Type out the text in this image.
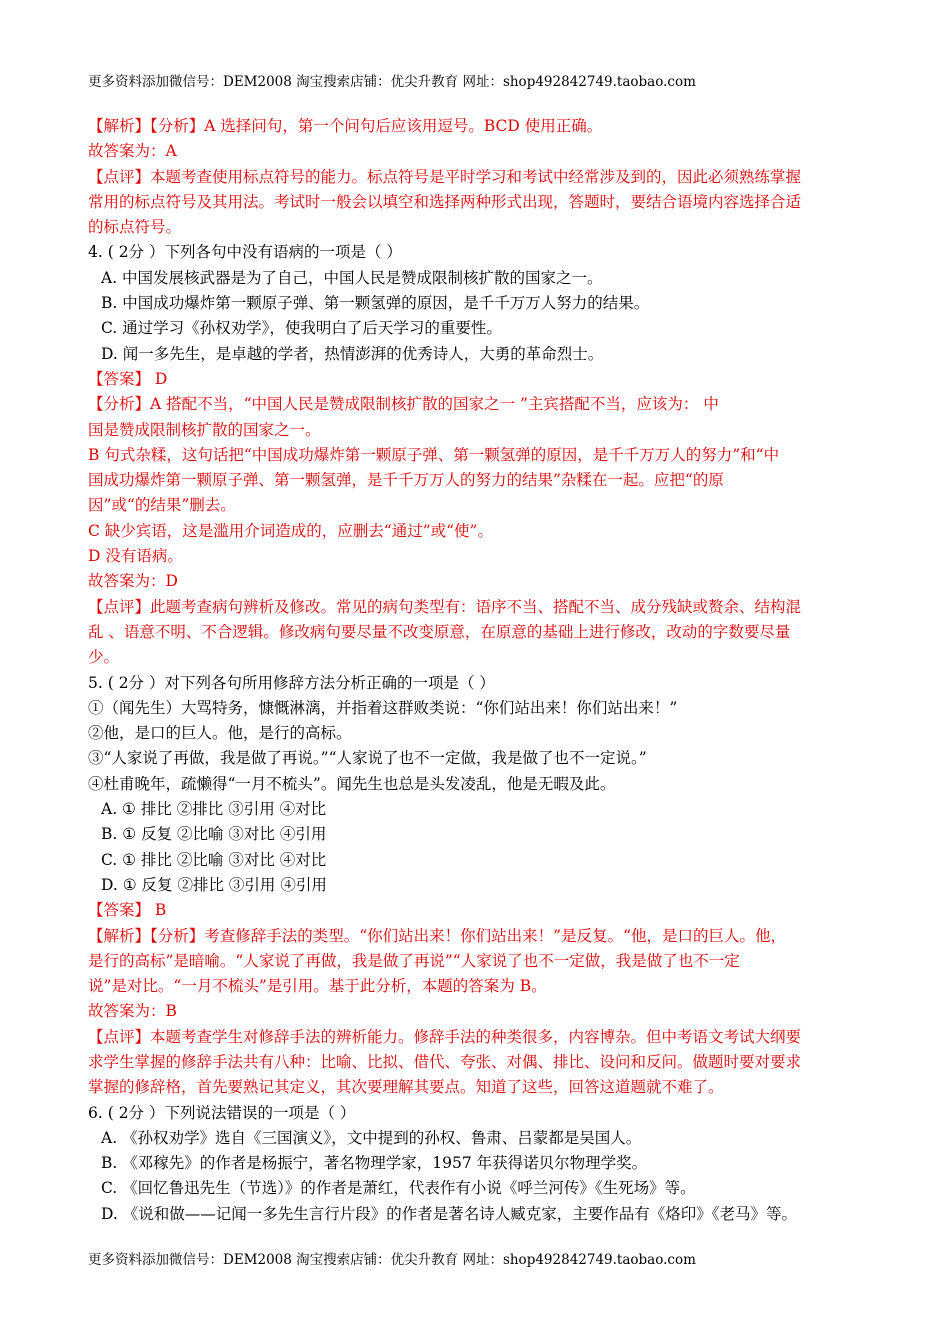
更多资料添加微信号：DEM2008 淘宝搜索店铺：优尖升教育 网址：shop492842749.taobao.com
【解析】【分析】A 选择问句，第一个问句后应该用逗号。BCD 使用正确。
故答案为：A
【点评】本题考查使用标点符号的能力。标点符号是平时学习和考试中经常涉及到的，因此必须熟练掌握
常用的标点符号及其用法。考试时一般会以填空和选择两种形式出现，答题时，要结合语境内容选择合适
的标点符号。
4. ( 2分 ）下列各句中没有语病的一项是（ ）
A. 中国发展核武器是为了自己，中国人民是赞成限制核扩散的国家之一。
B. 中国成功爆炸第一颗原子弹、第一颗氢弹的原因，是千千万万人努力的结果。
C. 通过学习《孙权劝学》，使我明白了后天学习的重要性。
D. 闻一多先生，是卓越的学者，热情澎湃的优秀诗人，大勇的革命烈士。
【答案】 D
【分析】A 搭配不当，“中国人民是赞成限制核扩散的国家之一 ”主宾搭配不当，应该为： 中
国是赞成限制核扩散的国家之一。
B 句式杂糅，这句话把“中国成功爆炸第一颗原子弹、第一颗氢弹的原因，是千千万万人的努力”和“中
国成功爆炸第一颗原子弹、第一颗氢弹，是千千万万人的努力的结果”杂糅在一起。应把“的原
因”或“的结果”删去。
C 缺少宾语，这是滥用介词造成的，应删去“通过”或“使”。
D 没有语病。
故答案为：D
【点评】此题考查病句辨析及修改。常见的病句类型有：语序不当、搭配不当、成分残缺或赘余、结构混
乱 、语意不明、不合逻辑。修改病句要尽量不改变原意，在原意的基础上进行修改，改动的字数要尽量
少。
5. ( 2分 ）对下列各句所用修辞方法分析正确的一项是（ ）
①（闻先生）大骂特务，慷慨淋漓，并指着这群败类说：“你们站出来！你们站出来！”
②他，是口的巨人。他，是行的高标。
③“人家说了再做，我是做了再说。”“人家说了也不一定做，我是做了也不一定说。”
④杜甫晚年，疏懒得“一月不梳头”。闻先生也总是头发凌乱，他是无暇及此。
A. ① 排比 ②排比 ③引用 ④对比
B. ① 反复 ②比喻 ③对比 ④引用
C. ① 排比 ②比喻 ③对比 ④对比
D. ① 反复 ②排比 ③引用 ④引用
【答案】 B
【解析】【分析】考查修辞手法的类型。“你们站出来！你们站出来！”是反复。“他，是口的巨人。他，
是行的高标”是暗喻。“人家说了再做，我是做了再说”“人家说了也不一定做，我是做了也不一定
说”是对比。“一月不梳头”是引用。基于此分析，本题的答案为 B。
故答案为：B
【点评】本题考查学生对修辞手法的辨析能力。修辞手法的种类很多，内容博杂。但中考语文考试大纲要
求学生掌握的修辞手法共有八种：比喻、比拟、借代、夸张、对偶、排比、设问和反问。做题时要对要求
掌握的修辞格，首先要熟记其定义，其次要理解其要点。知道了这些，回答这道题就不难了。
6. ( 2分 ）下列说法错误的一项是（ ）
A. 《孙权劝学》选自《三国演义》，文中提到的孙权、鲁肃、吕蒙都是吴国人。
B. 《邓稼先》的作者是杨振宁，著名物理学家，1957 年获得诺贝尔物理学奖。
C. 《回忆鲁迅先生（节选）》的作者是萧红，代表作有小说《呼兰河传》《生死场》等。
D. 《说和做——记闻一多先生言行片段》的作者是著名诗人臧克家，主要作品有《烙印》《老马》等。
更多资料添加微信号：DEM2008 淘宝搜索店铺：优尖升教育 网址：shop492842749.taobao.com
